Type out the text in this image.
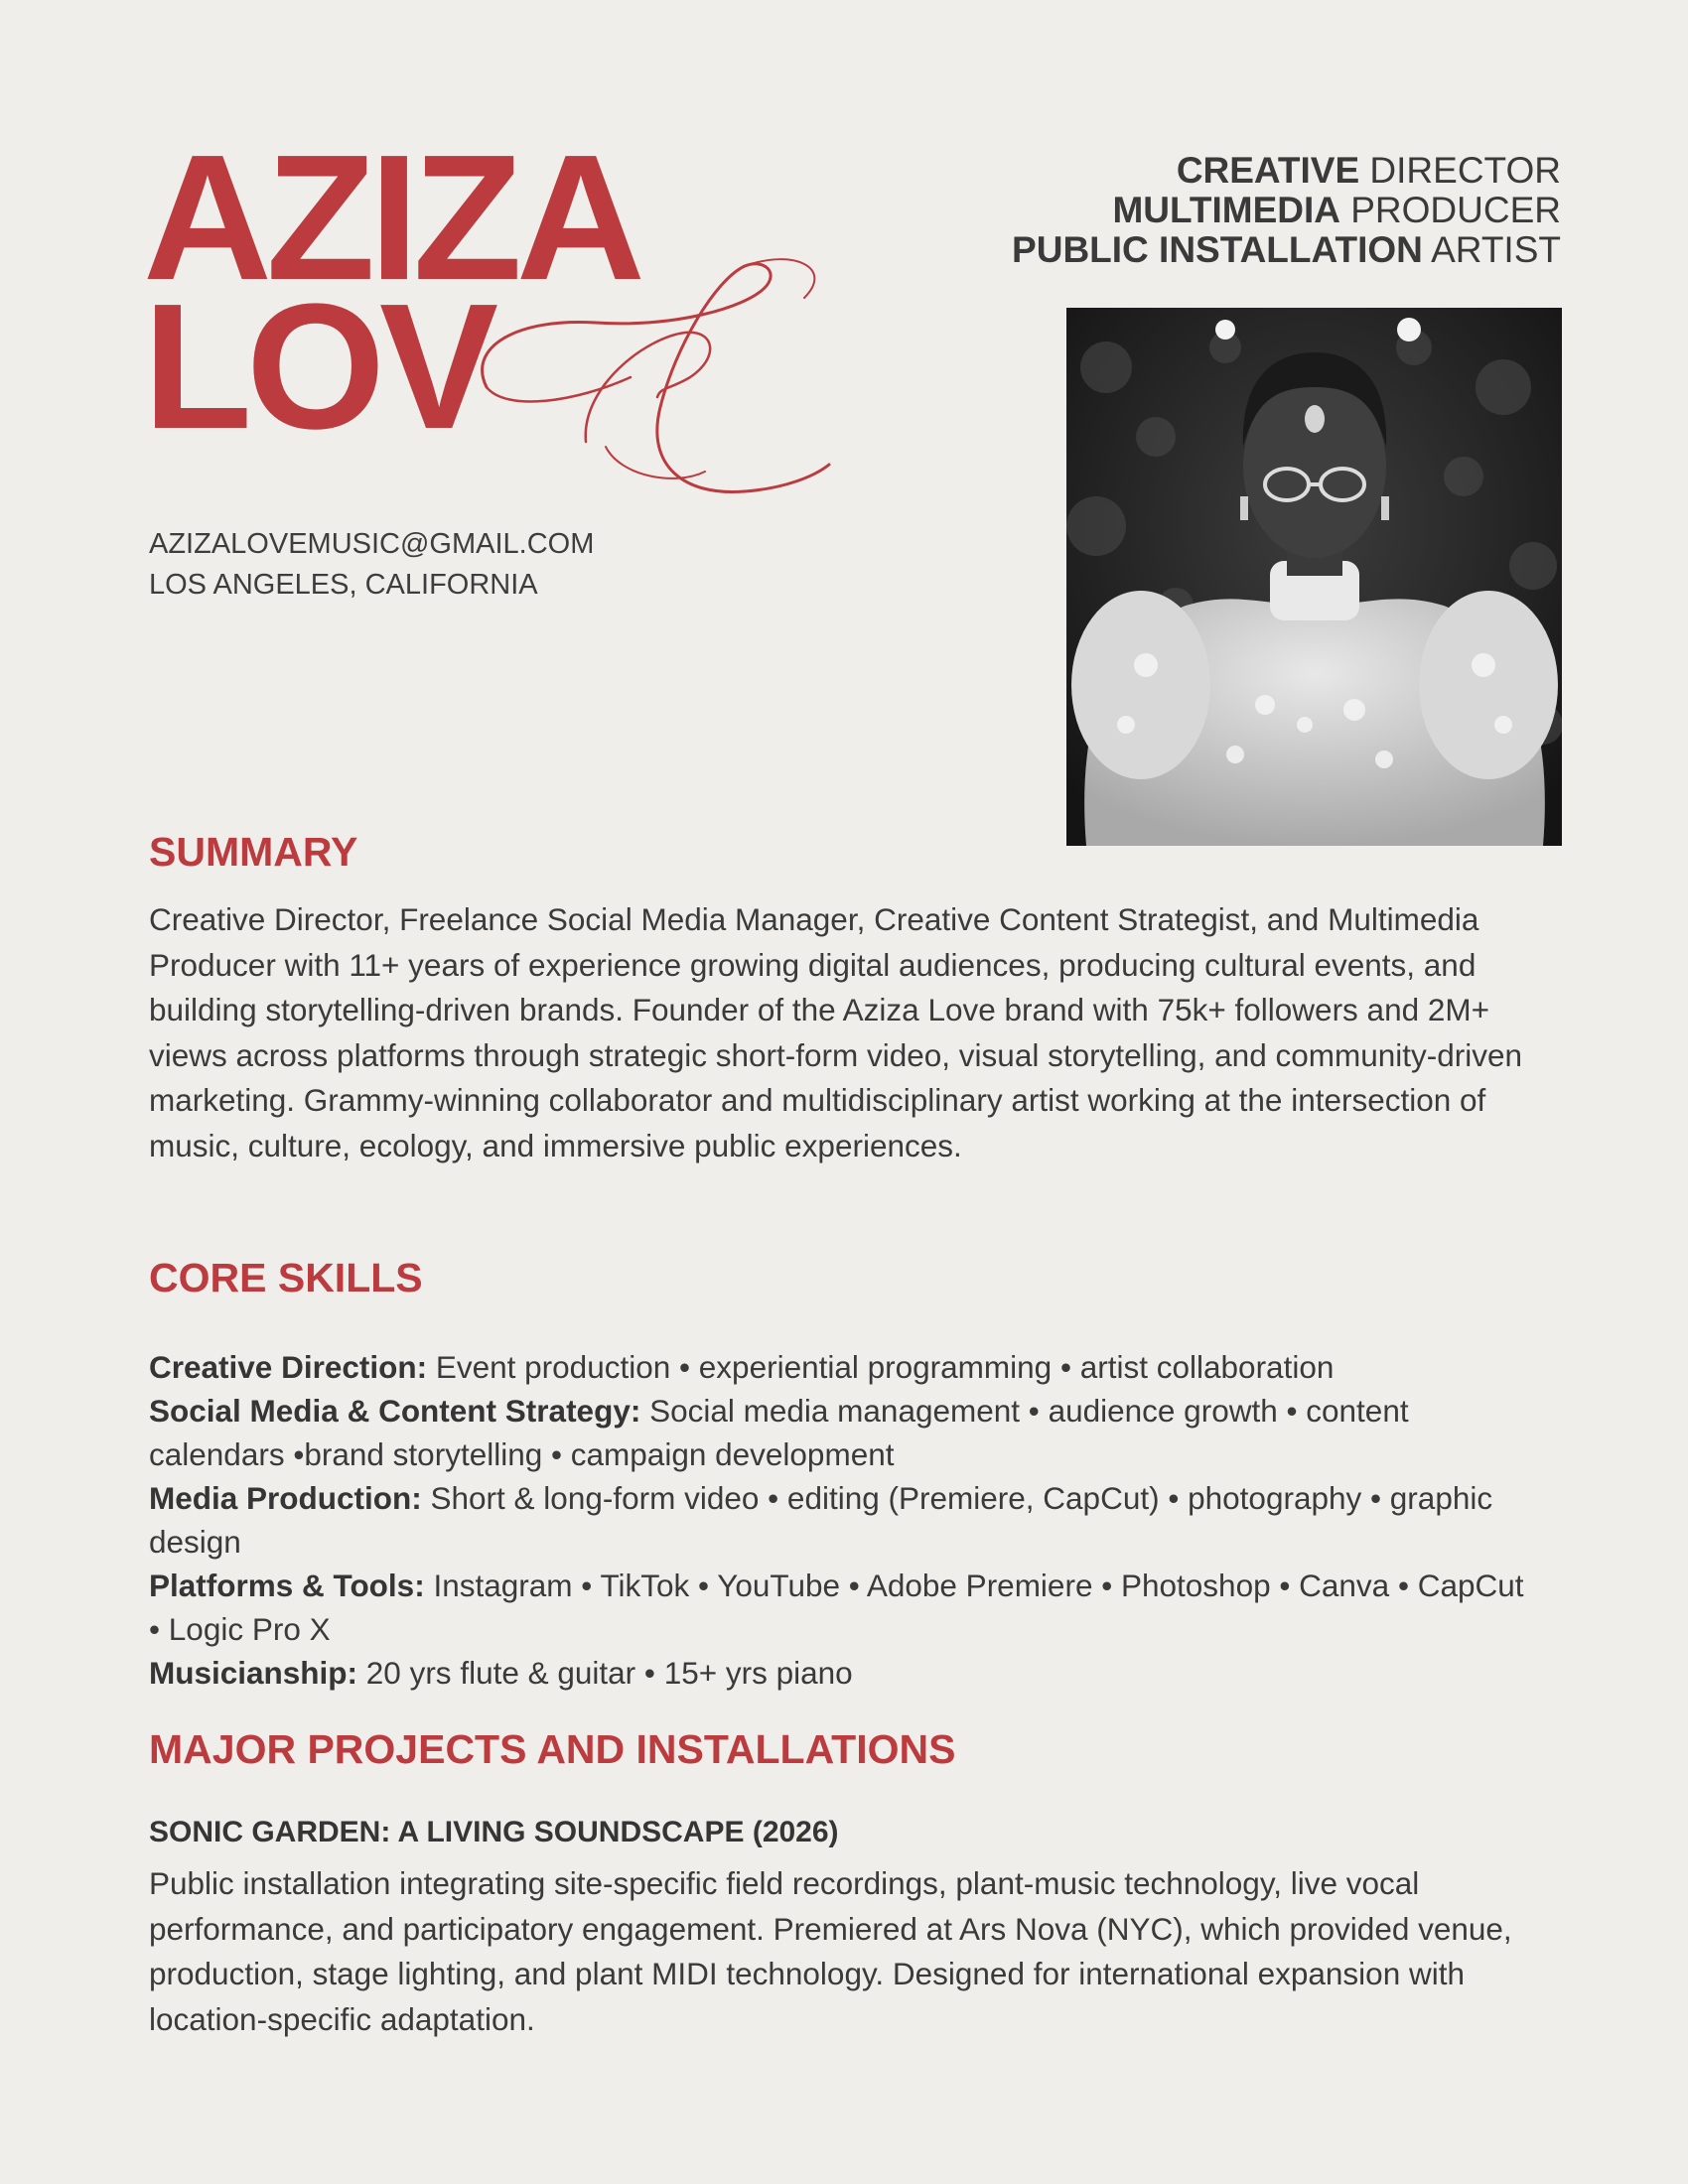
AZIZA
LOV
AZIZALOVEMUSIC@GMAIL.COM
LOS ANGELES, CALIFORNIA
CREATIVE DIRECTOR
MULTIMEDIA PRODUCER
PUBLIC INSTALLATION ARTIST
SUMMARY

Creative Director, Freelance Social Media Manager, Creative Content Strategist, and Multimedia Producer with 11+ years of experience growing digital audiences, producing cultural events, and building storytelling-driven brands. Founder of the Aziza Love brand with 75k+ followers and 2M+ views across platforms through strategic short-form video, visual storytelling, and community-driven marketing. Grammy-winning collaborator and multidisciplinary artist working at the intersection of music, culture, ecology, and immersive public experiences.

CORE SKILLS

Creative Direction: Event production • experiential programming • artist collaboration

Social Media & Content Strategy: Social media management • audience growth • content calendars •brand storytelling • campaign development

Media Production: Short & long-form video • editing (Premiere, CapCut) • photography • graphic design

Platforms & Tools: Instagram • TikTok • YouTube • Adobe Premiere • Photoshop • Canva • CapCut • Logic Pro X

Musicianship: 20 yrs flute & guitar • 15+ yrs piano

MAJOR PROJECTS AND INSTALLATIONS
SONIC GARDEN: A LIVING SOUNDSCAPE (2026)

Public installation integrating site-specific field recordings, plant-music technology, live vocal performance, and participatory engagement. Premiered at Ars Nova (NYC), which provided venue, production, stage lighting, and plant MIDI technology. Designed for international expansion with location-specific adaptation.
